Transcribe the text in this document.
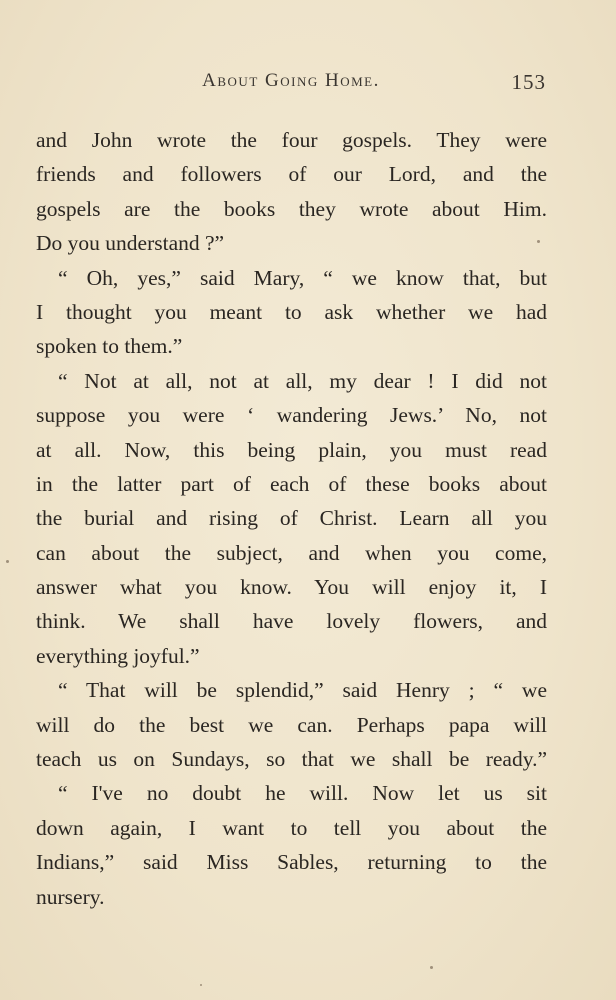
About Going Home.	153
and John wrote the four gospels. They were
friends and followers of our Lord, and the
gospels are the books they wrote about Him.
Do you understand ?”
“ Oh, yes,” said Mary, “ we know that, but
I thought you meant to ask whether we had
spoken to them.”
“ Not at all, not at all, my dear ! I did not
suppose you were ‘ wandering Jews.’ No, not
at all. Now, this being plain, you must read
in the latter part of each of these books about
the burial and rising of Christ. Learn all you
can about the subject, and when you come,
answer what you know. You will enjoy it, I
think. We shall have lovely flowers, and
everything joyful.”
“ That will be splendid,” said Henry ; “ we
will do the best we can. Perhaps papa will
teach us on Sundays, so that we shall be ready.”
“ I've no doubt he will. Now let us sit
down again, I want to tell you about the
Indians,” said Miss Sables, returning to the
nursery.
